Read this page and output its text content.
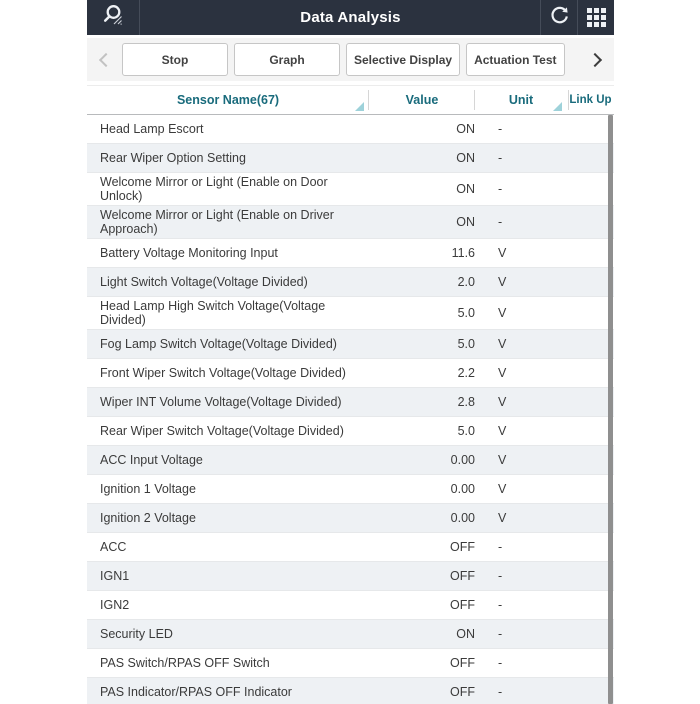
Data Analysis
Stop	Graph	Selective Display	Actuation Test
Sensor Name(67)	Value	Unit	Link Up
Head Lamp Escort	ON	-
Rear Wiper Option Setting	ON	-
Welcome Mirror or Light (Enable on Door Unlock)	ON	-
Welcome Mirror or Light (Enable on Driver Approach)	ON	-
Battery Voltage Monitoring Input	11.6	V
Light Switch Voltage(Voltage Divided)	2.0	V
Head Lamp High Switch Voltage(Voltage Divided)	5.0	V
Fog Lamp Switch Voltage(Voltage Divided)	5.0	V
Front Wiper Switch Voltage(Voltage Divided)	2.2	V
Wiper INT Volume Voltage(Voltage Divided)	2.8	V
Rear Wiper Switch Voltage(Voltage Divided)	5.0	V
ACC Input Voltage	0.00	V
Ignition 1 Voltage	0.00	V
Ignition 2 Voltage	0.00	V
ACC	OFF	-
IGN1	OFF	-
IGN2	OFF	-
Security LED	ON	-
PAS Switch/RPAS OFF Switch	OFF	-
PAS Indicator/RPAS OFF Indicator	OFF	-
